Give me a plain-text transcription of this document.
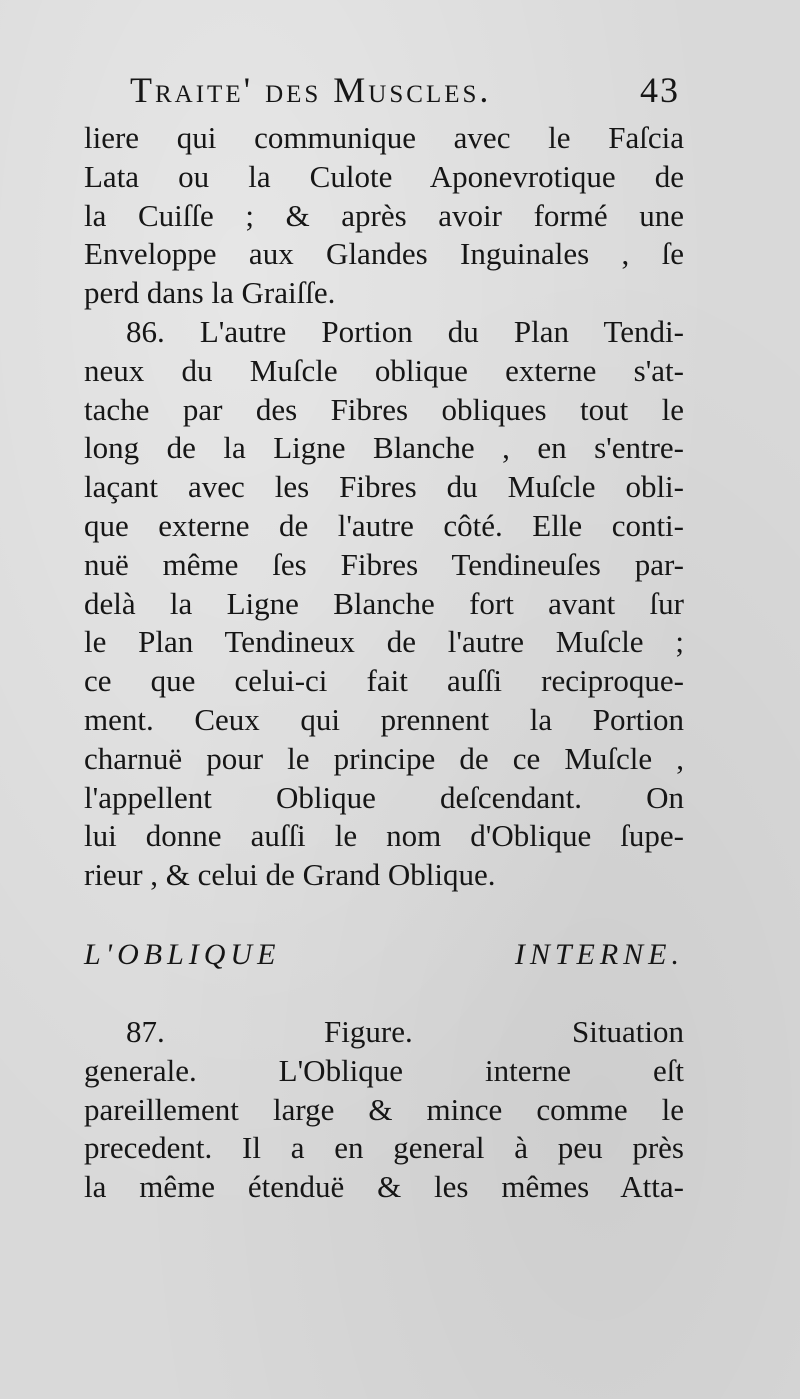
Traite' des Muscles.	43
liere qui communique avec le Faſcia
Lata ou la Culote Aponevrotique de
la Cuiſſe ; & après avoir formé une
Enveloppe aux Glandes Inguinales , ſe
perd dans la Graiſſe.
86. L'autre Portion du Plan Tendi-
neux du Muſcle oblique externe s'at-
tache par des Fibres obliques tout le
long de la Ligne Blanche , en s'entre-
laçant avec les Fibres du Muſcle obli-
que externe de l'autre côté. Elle conti-
nuë même ſes Fibres Tendineuſes par-
delà la Ligne Blanche fort avant ſur
le Plan Tendineux de l'autre Muſcle ;
ce que celui-ci fait auſſi reciproque-
ment. Ceux qui prennent la Portion
charnuë pour le principe de ce Muſcle ,
l'appellent Oblique deſcendant. On
lui donne auſſi le nom d'Oblique ſupe-
rieur , & celui de Grand Oblique.
L'OBLIQUE INTERNE.
87. Figure. Situation
generale. L'Oblique interne eſt
pareillement large & mince comme le
precedent. Il a en general à peu près
la même étenduë & les mêmes Atta-
